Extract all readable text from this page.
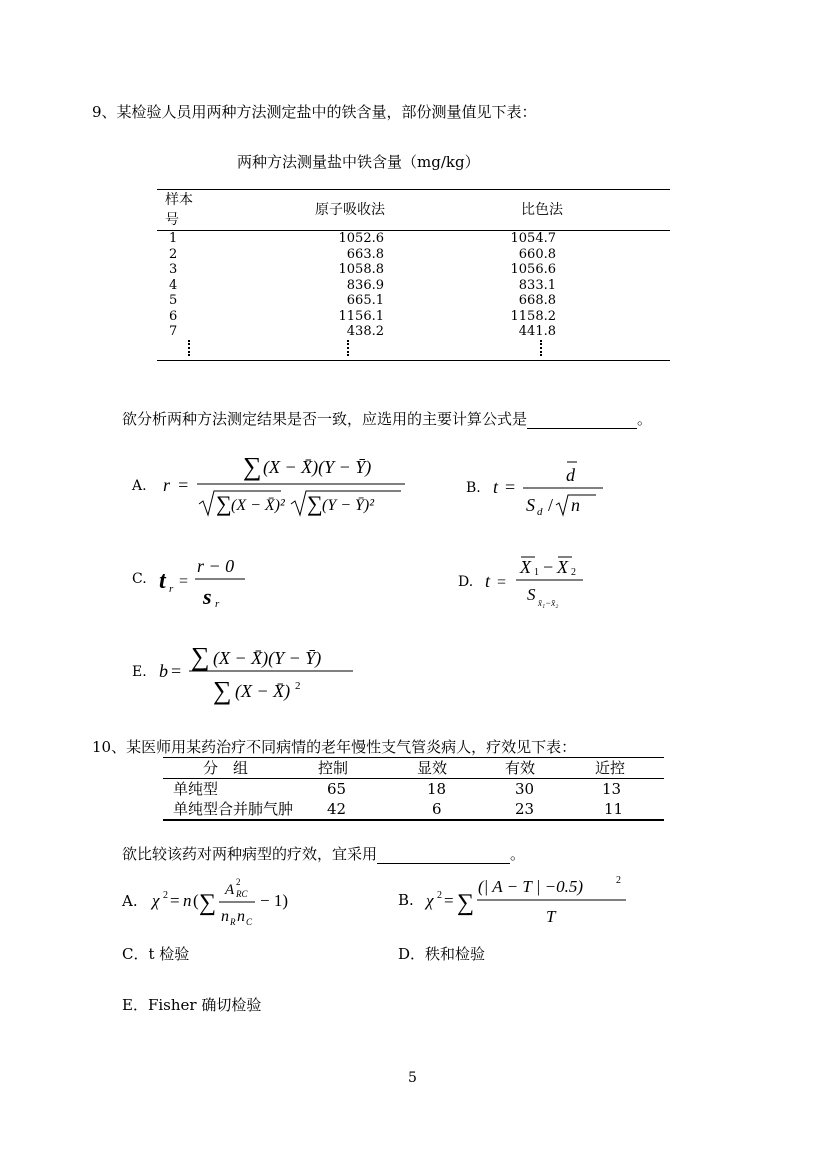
9、某检验人员用两种方法测定盐中的铁含量，部份测量值见下表：
两种方法测量盐中铁含量（mg/kg）
样本号	原子吸收法	比色法
1	1052.6	1054.7
2	663.8	660.8
3	1058.8	1056.6
4	836.9	833.1
5	665.1	668.8
6	1156.1	1158.2
7	438.2	441.8

欲分析两种方法测定结果是否一致，应选用的主要计算公式是	。
A. r =
∑ (X − X̄)(Y − Ȳ)
∑ (X − X̄)² ∑ (Y − Ȳ)²
B. t =
d
S d / n
C. t r =
r − 0
s r
D. t =
X 1 − X 2
S x̄₁−x̄₂
E. b = ∑ (X − X̄)(Y − Ȳ)
∑ (X − X̄) 2
10、某医师用某药治疗不同病情的老年慢性支气管炎病人，疗效见下表：
分　组	控制	显效	有效	近控
单纯型	65	18	30	13
单纯型合并肺气肿	42	6	23	11
欲比较该药对两种病型的疗效，宜采用	。
A. χ 2 = n ( ∑ A 2
RC
n R n C
− 1)	B. χ 2 = ∑
(| A − T | −0.5)	2
T
C．t 检验	D．秩和检验
E．Fisher 确切检验
5
